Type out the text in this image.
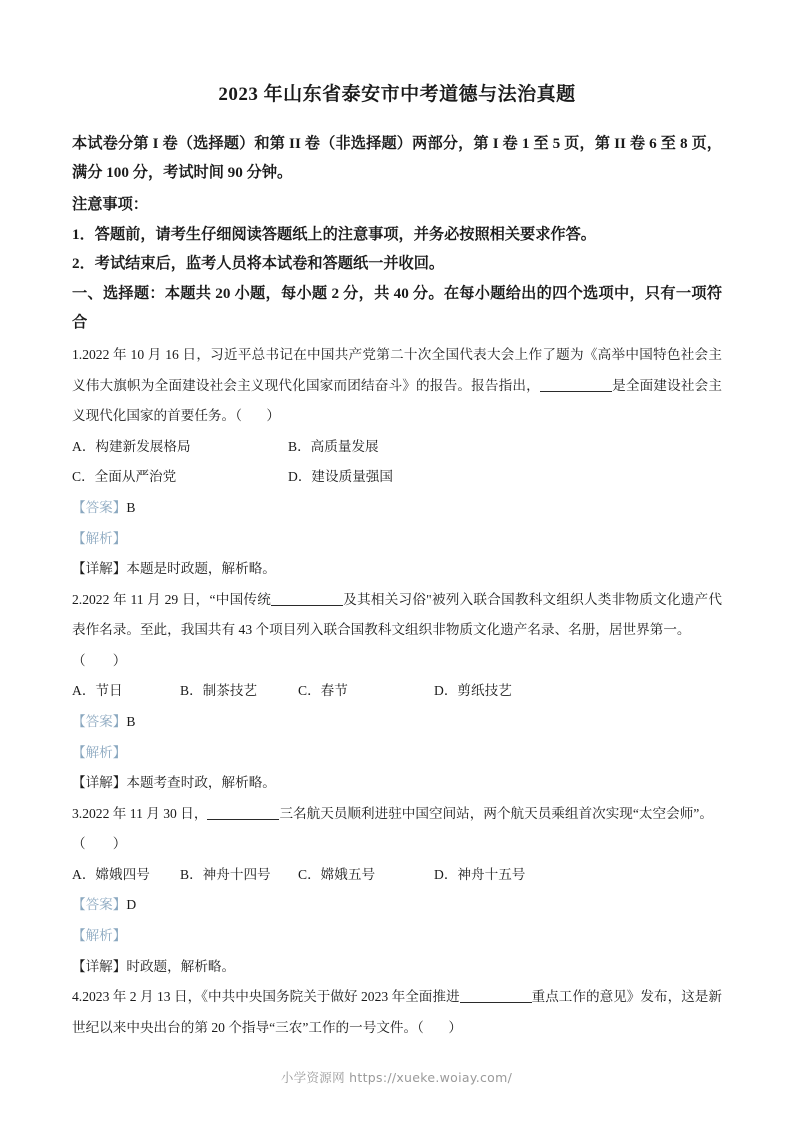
2023 年山东省泰安市中考道德与法治真题
本试卷分第 I 卷（选择题）和第 II 卷（非选择题）两部分，第 I 卷 1 至 5 页，第 II 卷 6 至 8 页，满分 100 分，考试时间 90 分钟。
注意事项：
1．答题前，请考生仔细阅读答题纸上的注意事项，并务必按照相关要求作答。
2．考试结束后，监考人员将本试卷和答题纸一并收回。
一、选择题：本题共 20 小题，每小题 2 分，共 40 分。在每小题给出的四个选项中，只有一项符合
1.2022 年 10 月 16 日，习近平总书记在中国共产党第二十次全国代表大会上作了题为《高举中国特色社会主义伟大旗帜为全面建设社会主义现代化国家而团结奋斗》的报告。报告指出，	是全面建设社会主义现代化国家的首要任务。（ ）
A．构建新发展格局	B．高质量发展
C．全面从严治党	D．建设质量强国
【答案】B
【解析】
【详解】本题是时政题，解析略。
2.2022 年 11 月 29 日，“中国传统	及其相关习俗"被列入联合国教科文组织人类非物质文化遗产代表作名录。至此，我国共有 43 个项目列入联合国教科文组织非物质文化遗产名录、名册，居世界第一。
（　　）
A．节日	B．制茶技艺	C．春节	D．剪纸技艺
【答案】B
【解析】
【详解】本题考查时政，解析略。
3.2022 年 11 月 30 日，	三名航天员顺利进驻中国空间站，两个航天员乘组首次实现“太空会师”。
（　　）
A．嫦娥四号	B．神舟十四号	C．嫦娥五号	D．神舟十五号
【答案】D
【解析】
【详解】时政题，解析略。
4.2023 年 2 月 13 日，《中共中央国务院关于做好 2023 年全面推进	重点工作的意见》发布，这是新世纪以来中央出台的第 20 个指导“三农”工作的一号文件。（ ）
小学资源网 https://xueke.woiay.com/
